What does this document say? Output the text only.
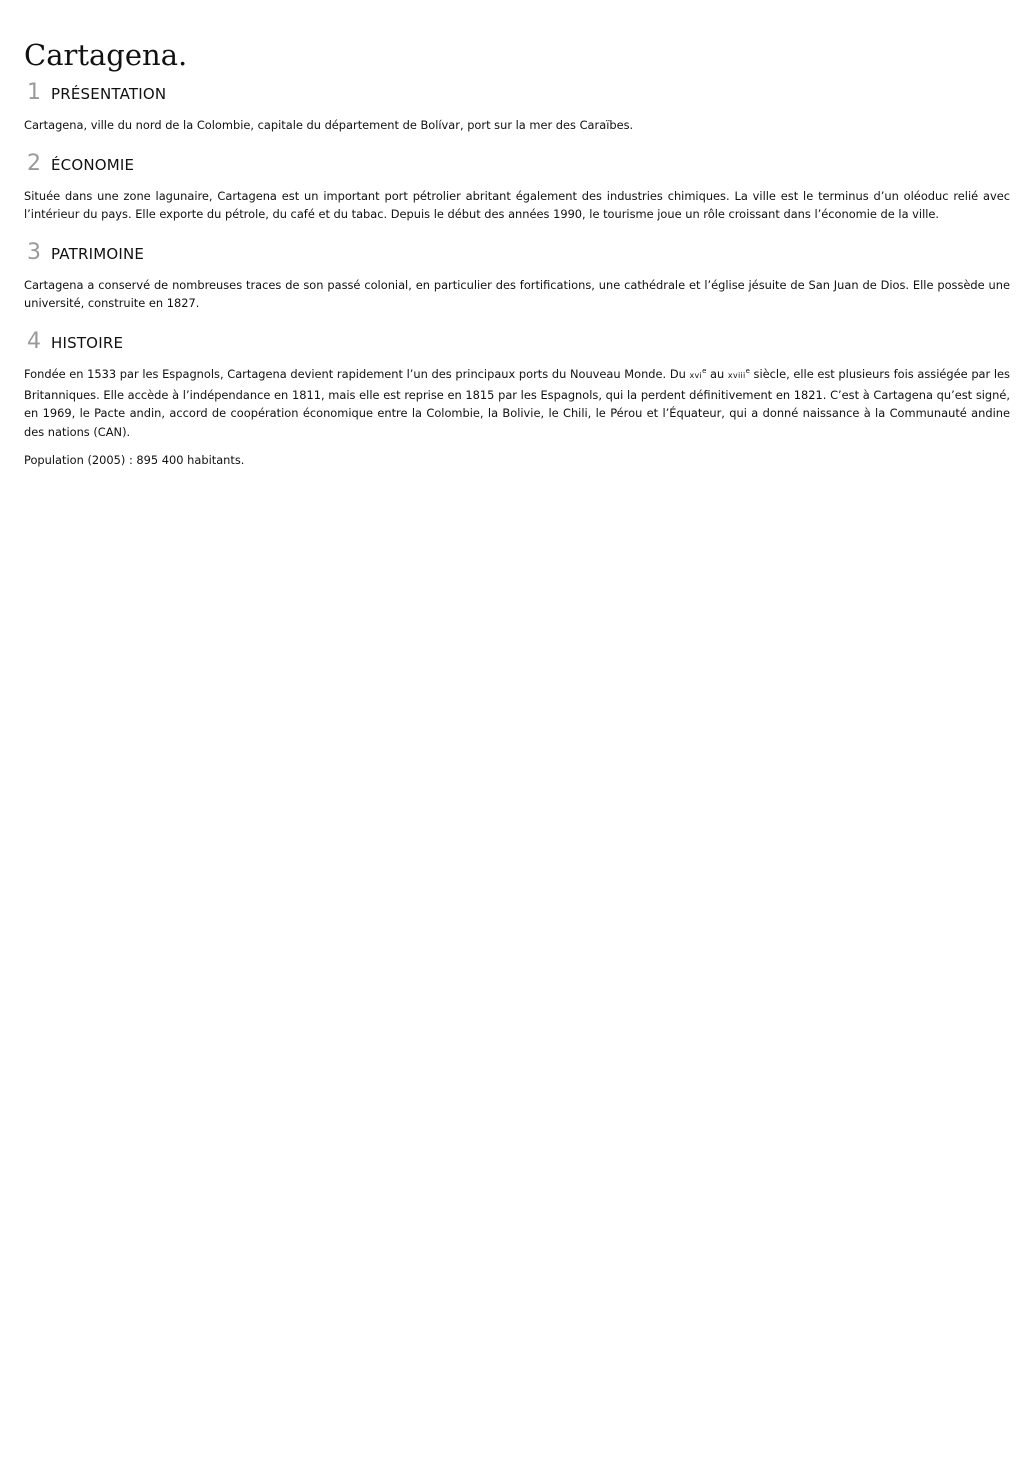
Cartagena.
1 PRÉSENTATION

Cartagena, ville du nord de la Colombie, capitale du département de Bolívar, port sur la mer des Caraïbes.

2 ÉCONOMIE

Située dans une zone lagunaire, Cartagena est un important port pétrolier abritant également des industries chimiques. La ville est le terminus d’un oléoduc relié avec l’intérieur du pays. Elle exporte du pétrole, du café et du tabac. Depuis le début des années 1990, le tourisme joue un rôle croissant dans l’économie de la ville.

3 PATRIMOINE

Cartagena a conservé de nombreuses traces de son passé colonial, en particulier des fortifications, une cathédrale et l’église jésuite de San Juan de Dios. Elle possède une université, construite en 1827.

4 HISTOIRE

Fondée en 1533 par les Espagnols, Cartagena devient rapidement l’un des principaux ports du Nouveau Monde. Du xvi$^e$ au xviii$^e$ siècle, elle est plusieurs fois assiégée par les Britanniques. Elle accède à l’indépendance en 1811, mais elle est reprise en 1815 par les Espagnols, qui la perdent définitivement en 1821. C’est à Cartagena qu’est signé, en 1969, le Pacte andin, accord de coopération économique entre la Colombie, la Bolivie, le Chili, le Pérou et l’Équateur, qui a donné naissance à la Communauté andine des nations (CAN).

Population (2005) : 895 400 habitants.
